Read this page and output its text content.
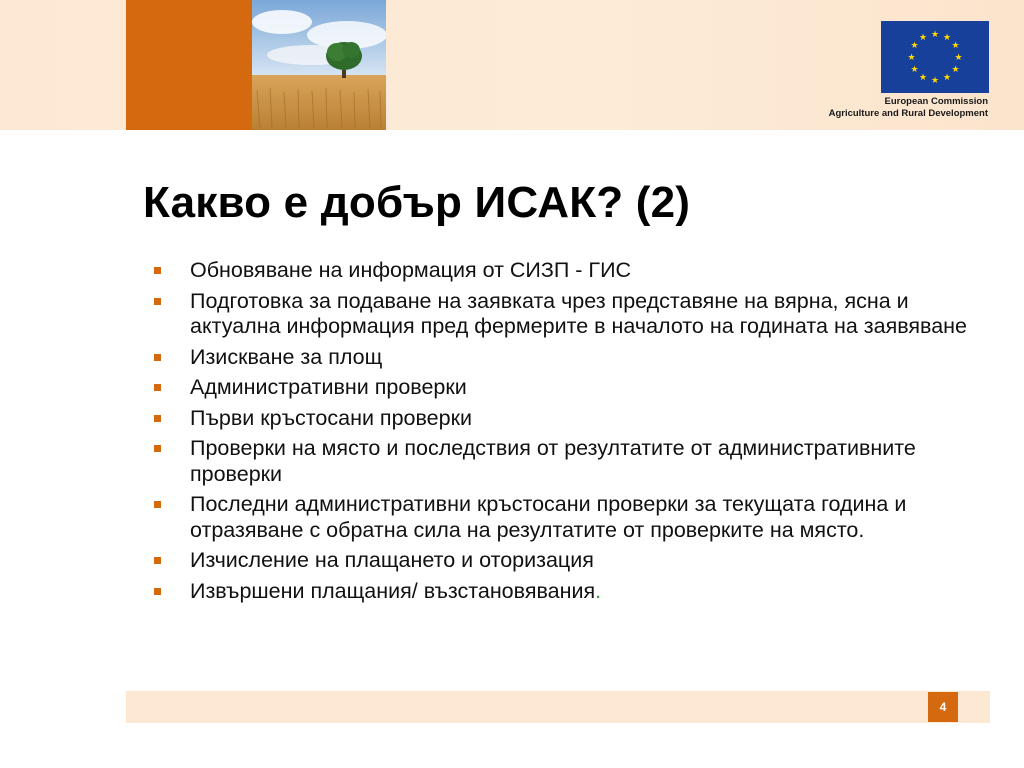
★ ★
★
★
★
★
★
★
★
★
★
★
European Commission
Agriculture and Rural Development
Какво е добър ИСАК? (2)
Обновяване на информация от СИЗП - ГИС
Подготовка за подаване на заявката чрез представяне на вярна, ясна и актуална информация пред фермерите в началото на годината на заявяване
Изискване за площ
Административни проверки
Първи кръстосани проверки
Проверки на място и последствия от резултатите от административните проверки
Последни административни кръстосани проверки за текущата година и отразяване с обратна сила на резултатите от проверките на място.
Изчисление на плащането и оторизация
Извършени плащания/ възстановявания.
4
